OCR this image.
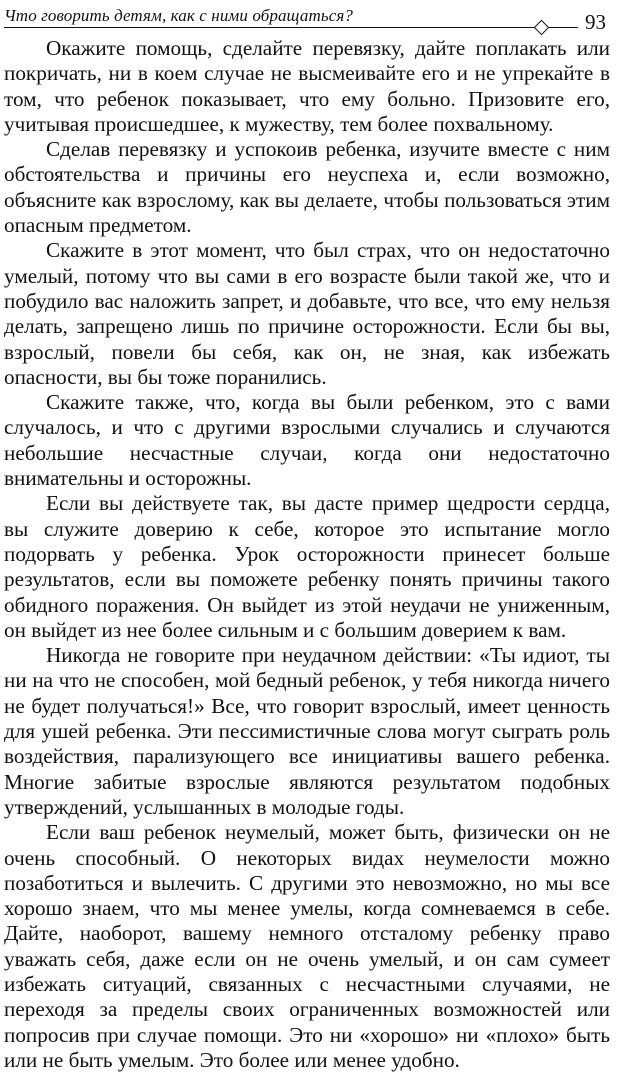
Что говорить детям, как с ними обращаться?	93

Окажите помощь, сделайте перевязку, дайте поплакать или покричать, ни в коем случае не высмеивайте его и не упрекайте в том, что ребенок показывает, что ему больно. Призовите его, учитывая происшедшее, к мужеству, тем более похвальному.

Сделав перевязку и успокоив ребенка, изучите вместе с ним обстоятельства и причины его неуспеха и, если возможно, объясните как взрослому, как вы делаете, чтобы пользоваться этим опасным предметом.

Скажите в этот момент, что был страх, что он недостаточно умелый, потому что вы сами в его возрасте были такой же, что и побудило вас наложить запрет, и добавьте, что все, что ему нельзя делать, запрещено лишь по причине осторожности. Если бы вы, взрослый, повели бы себя, как он, не зная, как избежать опасности, вы бы тоже поранились.

Скажите также, что, когда вы были ребенком, это с вами случалось, и что с другими взрослыми случались и случаются небольшие несчастные случаи, когда они недостаточно внимательны и осторожны.

Если вы действуете так, вы дасте пример щедрости сердца, вы служите доверию к себе, которое это испытание могло подорвать у ребенка. Урок осторожности принесет больше результатов, если вы поможете ребенку понять причины такого обидного поражения. Он выйдет из этой неудачи не униженным, он выйдет из нее более сильным и с большим доверием к вам.

Никогда не говорите при неудачном действии: «Ты идиот, ты ни на что не способен, мой бедный ребенок, у тебя никогда ничего не будет получаться!» Все, что говорит взрослый, имеет ценность для ушей ребенка. Эти пессимистичные слова могут сыграть роль воздействия, парализующего все инициативы вашего ребенка. Многие забитые взрослые являются результатом подобных утверждений, услышанных в молодые годы.

Если ваш ребенок неумелый, может быть, физически он не очень способный. О некоторых видах неумелости можно позаботиться и вылечить. С другими это невозможно, но мы все хорошо знаем, что мы менее умелы, когда сомневаемся в себе. Дайте, наоборот, вашему немного отсталому ребенку право уважать себя, даже если он не очень умелый, и он сам сумеет избежать ситуаций, связанных с несчастными случаями, не переходя за пределы своих ограниченных возможностей или попросив при случае помощи. Это ни «хорошо» ни «плохо» быть или не быть умелым. Это более или менее удобно.
